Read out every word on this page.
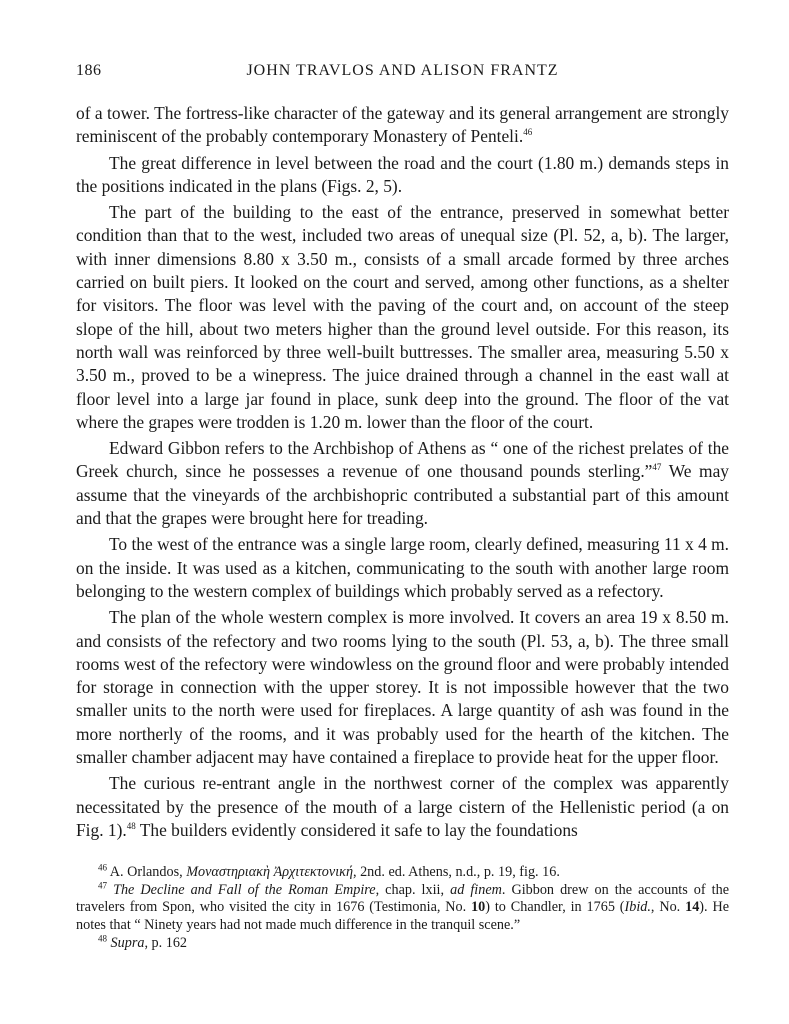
186	JOHN TRAVLOS AND ALISON FRANTZ

of a tower. The fortress-like character of the gateway and its general arrangement are strongly reminiscent of the probably contemporary Monastery of Penteli.$^{46}$

The great difference in level between the road and the court (1.80 m.) demands steps in the positions indicated in the plans (Figs. 2, 5).

The part of the building to the east of the entrance, preserved in somewhat better condition than that to the west, included two areas of unequal size (Pl. 52, a, b). The larger, with inner dimensions 8.80 x 3.50 m., consists of a small arcade formed by three arches carried on built piers. It looked on the court and served, among other functions, as a shelter for visitors. The floor was level with the paving of the court and, on account of the steep slope of the hill, about two meters higher than the ground level outside. For this reason, its north wall was reinforced by three well-built buttresses. The smaller area, measuring 5.50 x 3.50 m., proved to be a winepress. The juice drained through a channel in the east wall at floor level into a large jar found in place, sunk deep into the ground. The floor of the vat where the grapes were trodden is 1.20 m. lower than the floor of the court.

Edward Gibbon refers to the Archbishop of Athens as “ one of the richest prelates of the Greek church, since he possesses a revenue of one thousand pounds sterling.”$^{47}$ We may assume that the vineyards of the archbishopric contributed a substantial part of this amount and that the grapes were brought here for treading.

To the west of the entrance was a single large room, clearly defined, measuring 11 x 4 m. on the inside. It was used as a kitchen, communicating to the south with another large room belonging to the western complex of buildings which probably served as a refectory.

The plan of the whole western complex is more involved. It covers an area 19 x 8.50 m. and consists of the refectory and two rooms lying to the south (Pl. 53, a, b). The three small rooms west of the refectory were windowless on the ground floor and were probably intended for storage in connection with the upper storey. It is not impossible however that the two smaller units to the north were used for fireplaces. A large quantity of ash was found in the more northerly of the rooms, and it was probably used for the hearth of the kitchen. The smaller chamber adjacent may have contained a fireplace to provide heat for the upper floor.

The curious re-entrant angle in the northwest corner of the complex was apparently necessitated by the presence of the mouth of a large cistern of the Hellenistic period (a on Fig. 1).$^{48}$ The builders evidently considered it safe to lay the foundations

$^{46}$ A. Orlandos, Μοναστηριακὴ Ἀρχιτεκτονική, 2nd. ed. Athens, n.d., p. 19, fig. 16.

$^{47}$ The Decline and Fall of the Roman Empire, chap. lxii, ad finem. Gibbon drew on the accounts of the travelers from Spon, who visited the city in 1676 (Testimonia, No. 10) to Chandler, in 1765 (Ibid., No. 14). He notes that “ Ninety years had not made much difference in the tranquil scene.”

$^{48}$ Supra, p. 162
